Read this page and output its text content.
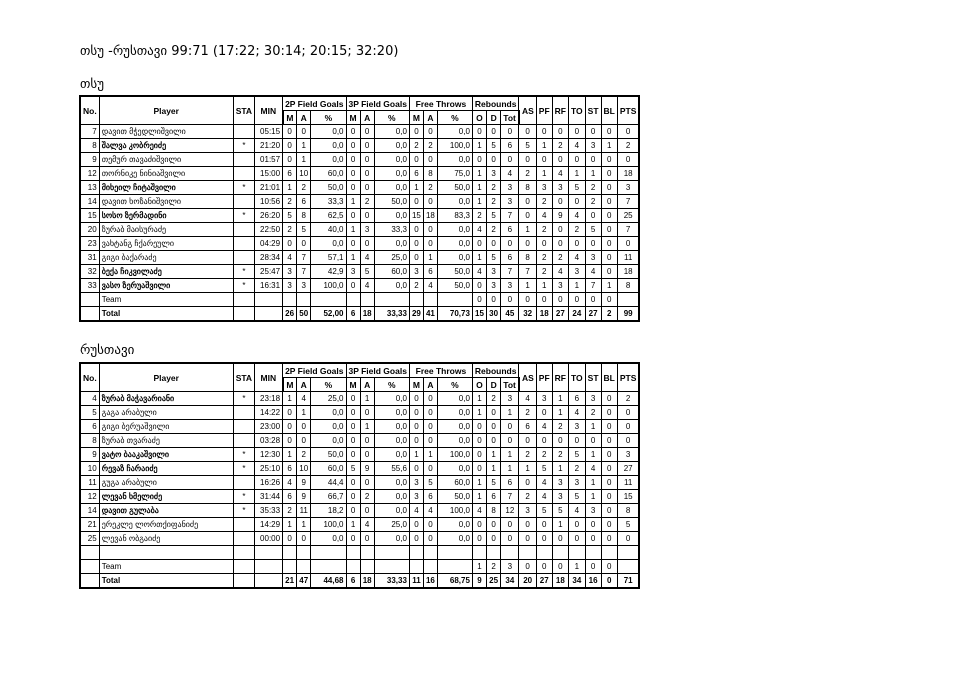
თსუ -რუსთავი 99:71 (17:22; 30:14; 20:15; 32:20)
თსუ
No.	Player	STA	MIN	2P Field Goals			3P Field Goals			Free Throws			Rebounds			AS	PF	RF	TO	ST	BL	PTS
				M	A	%	M	A	%	M	A	%	O	D	Tot							
7	დავით მჭედლიშვილი		05:15	0	0	0,0	0	0	0,0	0	0	0,0	0	0	0	0	0	0	0	0	0	0
8	შალვა კობრეიძე	*	21:20	0	1	0,0	0	0	0,0	2	2	100,0	1	5	6	5	1	2	4	3	1	2
9	თემურ თავაძიშვილი		01:57	0	1	0,0	0	0	0,0	0	0	0,0	0	0	0	0	0	0	0	0	0	0
12	თორნიკე ნინიაშვილი		15:00	6	10	60,0	0	0	0,0	6	8	75,0	1	3	4	2	1	4	1	1	0	18
13	მიხეილ ჩიტაშვილი	*	21:01	1	2	50,0	0	0	0,0	1	2	50,0	1	2	3	8	3	3	5	2	0	3
14	დავით ხოზანიშვილი		10:56	2	6	33,3	1	2	50,0	0	0	0,0	1	2	3	0	2	0	0	2	0	7
15	სოსო ზერმადინი	*	26:20	5	8	62,5	0	0	0,0	15	18	83,3	2	5	7	0	4	9	4	0	0	25
20	ზურაბ მაისურაძე		22:50	2	5	40,0	1	3	33,3	0	0	0,0	4	2	6	1	2	0	2	5	0	7
23	ვახტანგ ჩქარეული		04:29	0	0	0,0	0	0	0,0	0	0	0,0	0	0	0	0	0	0	0	0	0	0
31	გიგი ბაქარაძე		28:34	4	7	57,1	1	4	25,0	0	1	0,0	1	5	6	8	2	2	4	3	0	11
32	ბექა ჩიკვილაძე	*	25:47	3	7	42,9	3	5	60,0	3	6	50,0	4	3	7	7	2	4	3	4	0	18
33	ვასო ზერუაშვილი	*	16:31	3	3	100,0	0	4	0,0	2	4	50,0	0	3	3	1	1	3	1	7	1	8
	Team												0	0	0	0	0	0	0	0	0	
	Total			26	50	52,00	6	18	33,33	29	41	70,73	15	30	45	32	18	27	24	27	2	99
რუსთავი
No.	Player	STA	MIN	2P Field Goals			3P Field Goals			Free Throws			Rebounds			AS	PF	RF	TO	ST	BL	PTS
				M	A	%	M	A	%	M	A	%	O	D	Tot							
4	ზურაბ მაჭავარიანი	*	23:18	1	4	25,0	0	1	0,0	0	0	0,0	1	2	3	4	3	1	6	3	0	2
5	გაგა არაბული		14:22	0	1	0,0	0	0	0,0	0	0	0,0	1	0	1	2	0	1	4	2	0	0
6	გიგი ბერუაშვილი		23:00	0	0	0,0	0	1	0,0	0	0	0,0	0	0	0	6	4	2	3	1	0	0
8	ზურაბ თვარაძე		03:28	0	0	0,0	0	0	0,0	0	0	0,0	0	0	0	0	0	0	0	0	0	0
9	ვატო ბააკაშვილი	*	12:30	1	2	50,0	0	0	0,0	1	1	100,0	0	1	1	2	2	2	5	1	0	3
10	რევაზ ჩარაიძე	*	25:10	6	10	60,0	5	9	55,6	0	0	0,0	0	1	1	1	5	1	2	4	0	27
11	გუგა არაბული		16:26	4	9	44,4	0	0	0,0	3	5	60,0	1	5	6	0	4	3	3	1	0	11
12	ლევან ხმელიძე	*	31:44	6	9	66,7	0	2	0,0	3	6	50,0	1	6	7	2	4	3	5	1	0	15
14	დავით გულაბა	*	35:33	2	11	18,2	0	0	0,0	4	4	100,0	4	8	12	3	5	5	4	3	0	8
21	ერეკლე ლორთქიფანიძე		14:29	1	1	100,0	1	4	25,0	0	0	0,0	0	0	0	0	0	1	0	0	0	5
25	ლევან ობგაიძე		00:00	0	0	0,0	0	0	0,0	0	0	0,0	0	0	0	0	0	0	0	0	0	0

	Team												1	2	3	0	0	0	1	0	0	
	Total			21	47	44,68	6	18	33,33	11	16	68,75	9	25	34	20	27	18	34	16	0	71
